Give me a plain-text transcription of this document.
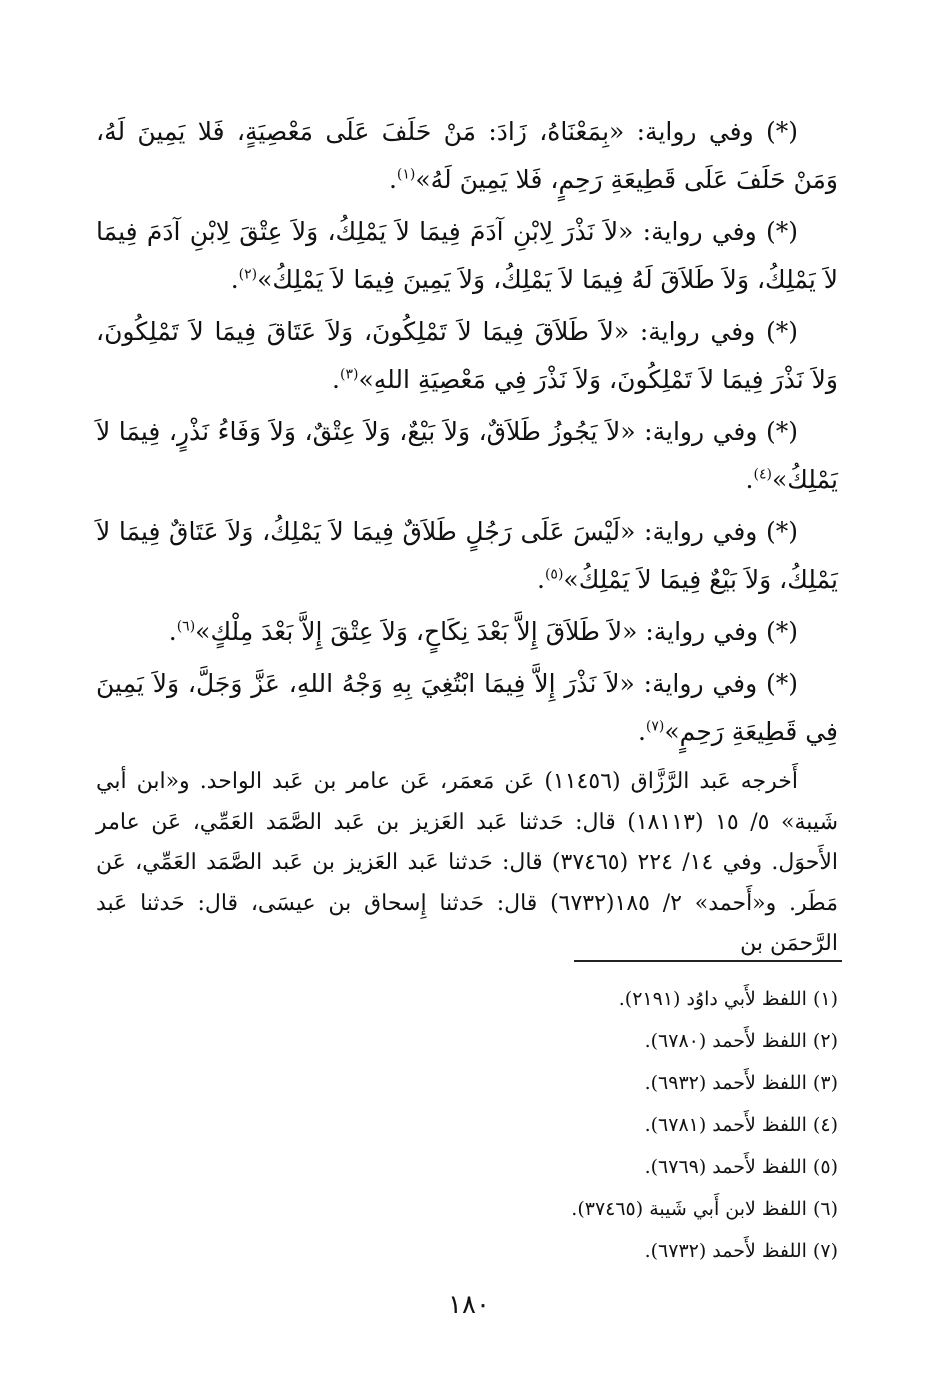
(*) وفي رواية: «بِمَعْنَاهُ، زَادَ: مَنْ حَلَفَ عَلَى مَعْصِيَةٍ، فَلا يَمِينَ لَهُ، وَمَنْ حَلَفَ عَلَى قَطِيعَةِ رَحِمٍ، فَلا يَمِينَ لَهُ»$^{(١)}$.

(*) وفي رواية: «لاَ نَذْرَ لِابْنِ آدَمَ فِيمَا لاَ يَمْلِكُ، وَلاَ عِتْقَ لِابْنِ آدَمَ فِيمَا لاَ يَمْلِكُ، وَلاَ طَلاَقَ لَهُ فِيمَا لاَ يَمْلِكُ، وَلاَ يَمِينَ فِيمَا لاَ يَمْلِكُ»$^{(٢)}$.

(*) وفي رواية: «لاَ طَلاَقَ فِيمَا لاَ تَمْلِكُونَ، وَلاَ عَتَاقَ فِيمَا لاَ تَمْلِكُونَ، وَلاَ نَذْرَ فِيمَا لاَ تَمْلِكُونَ، وَلاَ نَذْرَ فِي مَعْصِيَةِ اللهِ»$^{(٣)}$.

(*) وفي رواية: «لاَ يَجُوزُ طَلاَقٌ، وَلاَ بَيْعٌ، وَلاَ عِتْقٌ، وَلاَ وَفَاءُ نَذْرٍ، فِيمَا لاَ يَمْلِكُ»$^{(٤)}$.

(*) وفي رواية: «لَيْسَ عَلَى رَجُلٍ طَلاَقٌ فِيمَا لاَ يَمْلِكُ، وَلاَ عَتَاقٌ فِيمَا لاَ يَمْلِكُ، وَلاَ بَيْعٌ فِيمَا لاَ يَمْلِكُ»$^{(٥)}$.

(*) وفي رواية: «لاَ طَلاَقَ إِلاَّ بَعْدَ نِكَاحٍ، وَلاَ عِتْقَ إِلاَّ بَعْدَ مِلْكٍ»$^{(٦)}$.

(*) وفي رواية: «لاَ نَذْرَ إِلاَّ فِيمَا ابْتُغِيَ بِهِ وَجْهُ اللهِ، عَزَّ وَجَلَّ، وَلاَ يَمِينَ فِي قَطِيعَةِ رَحِمٍ»$^{(٧)}$.

أَخرجه عَبد الرَّزَّاق (١١٤٥٦) عَن مَعمَر، عَن عامر بن عَبد الواحد. و«ابن أبي شَيبة» ٥/ ١٥ (١٨١١٣) قال: حَدثنا عَبد العَزيز بن عَبد الصَّمَد العَمِّي، عَن عامر الأَحوَل. وفي ١٤/ ٢٢٤ (٣٧٤٦٥) قال: حَدثنا عَبد العَزيز بن عَبد الصَّمَد العَمِّي، عَن مَطَر. و«أَحمد» ٢/ ١٨٥(٦٧٣٢) قال: حَدثنا إِسحاق بن عيسَى، قال: حَدثنا عَبد الرَّحمَن بن

(١) اللفظ لأَبي داوُد (٢١٩١).
(٢) اللفظ لأَحمد (٦٧٨٠).
(٣) اللفظ لأَحمد (٦٩٣٢).
(٤) اللفظ لأَحمد (٦٧٨١).
(٥) اللفظ لأَحمد (٦٧٦٩).
(٦) اللفظ لابن أَبي شَيبة (٣٧٤٦٥).
(٧) اللفظ لأَحمد (٦٧٣٢).
١٨٠
